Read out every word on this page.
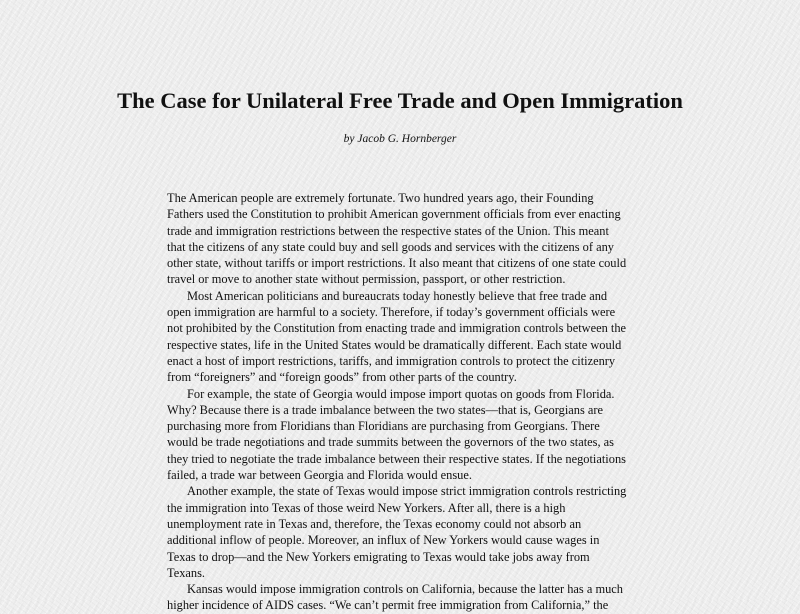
The Case for Unilateral Free Trade and Open Immigration

by Jacob G. Hornberger

The American people are extremely fortunate. Two hundred years ago, their Founding
Fathers used the Constitution to prohibit American government officials from ever enacting
trade and immigration restrictions between the respective states of the Union. This meant
that the citizens of any state could buy and sell goods and services with the citizens of any
other state, without tariffs or import restrictions. It also meant that citizens of one state could
travel or move to another state without permission, passport, or other restriction.

Most American politicians and bureaucrats today honestly believe that free trade and
open immigration are harmful to a society. Therefore, if today’s government officials were
not prohibited by the Constitution from enacting trade and immigration controls between the
respective states, life in the United States would be dramatically different. Each state would
enact a host of import restrictions, tariffs, and immigration controls to protect the citizenry
from “foreigners” and “foreign goods” from other parts of the country.

For example, the state of Georgia would impose import quotas on goods from Florida.
Why? Because there is a trade imbalance between the two states—that is, Georgians are
purchasing more from Floridians than Floridians are purchasing from Georgians. There
would be trade negotiations and trade summits between the governors of the two states, as
they tried to negotiate the trade imbalance between their respective states. If the negotiations
failed, a trade war between Georgia and Florida would ensue.

Another example, the state of Texas would impose strict immigration controls restricting
the immigration into Texas of those weird New Yorkers. After all, there is a high
unemployment rate in Texas and, therefore, the Texas economy could not absorb an
additional inflow of people. Moreover, an influx of New Yorkers would cause wages in
Texas to drop—and the New Yorkers emigrating to Texas would take jobs away from
Texans.

Kansas would impose immigration controls on California, because the latter has a much
higher incidence of AIDS cases. “We can’t permit free immigration from California,” the
